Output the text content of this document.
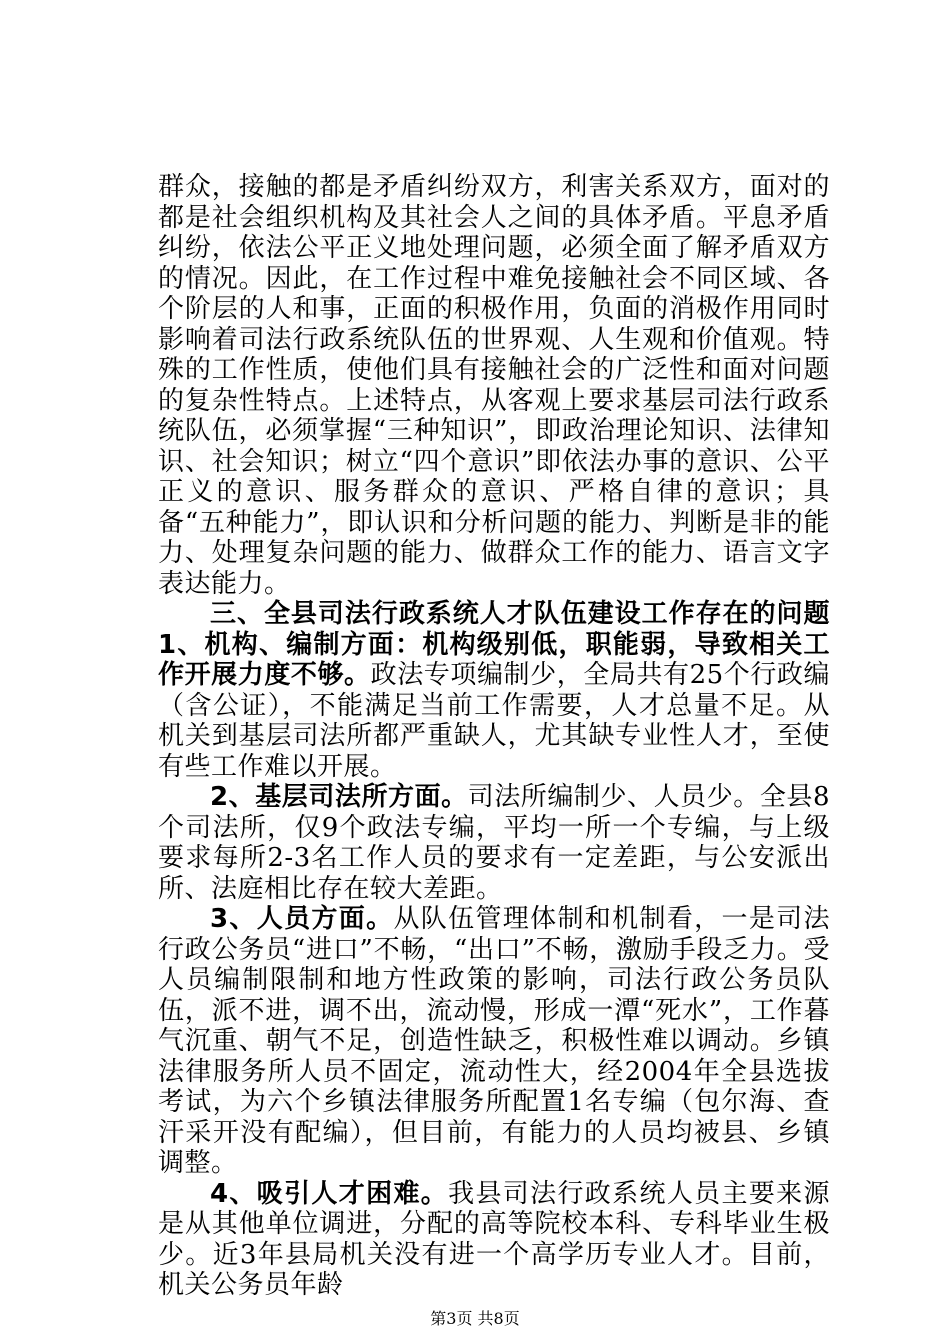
群众，接触的都是矛盾纠纷双方，利害关系双方，面对的都是社会组织机构及其社会人之间的具体矛盾。平息矛盾纠纷，依法公平正义地处理问题，必须全面了解矛盾双方的情况。因此，在工作过程中难免接触社会不同区域、各个阶层的人和事，正面的积极作用，负面的消极作用同时影响着司法行政系统队伍的世界观、人生观和价值观。特殊的工作性质，使他们具有接触社会的广泛性和面对问题的复杂性特点。上述特点，从客观上要求基层司法行政系统队伍，必须掌握“三种知识”，即政治理论知识、法律知识、社会知识；树立“四个意识”即依法办事的意识、公平正义的意识、服务群众的意识、严格自律的意识；具备“五种能力”，即认识和分析问题的能力、判断是非的能力、处理复杂问题的能力、做群众工作的能力、语言文字表达能力。

三、全县司法行政系统人才队伍建设工作存在的问题1、机构、编制方面：机构级别低，职能弱，导致相关工作开展力度不够。政法专项编制少，全局共有25个行政编（含公证），不能满足当前工作需要，人才总量不足。从机关到基层司法所都严重缺人，尤其缺专业性人才，至使有些工作难以开展。

2、基层司法所方面。司法所编制少、人员少。全县8个司法所，仅9个政法专编，平均一所一个专编，与上级要求每所2-3名工作人员的要求有一定差距，与公安派出所、法庭相比存在较大差距。

3、人员方面。从队伍管理体制和机制看，一是司法行政公务员“进口”不畅，“出口”不畅，激励手段乏力。受人员编制限制和地方性政策的影响，司法行政公务员队伍，派不进，调不出，流动慢，形成一潭“死水”，工作暮气沉重、朝气不足，创造性缺乏，积极性难以调动。乡镇法律服务所人员不固定，流动性大，经2004年全县选拔考试，为六个乡镇法律服务所配置1名专编（包尔海、查汗采开没有配编），但目前，有能力的人员均被县、乡镇调整。

4、吸引人才困难。我县司法行政系统人员主要来源是从其他单位调进，分配的高等院校本科、专科毕业生极少。近3年县局机关没有进一个高学历专业人才。目前，机关公务员年龄

第3页 共8页
